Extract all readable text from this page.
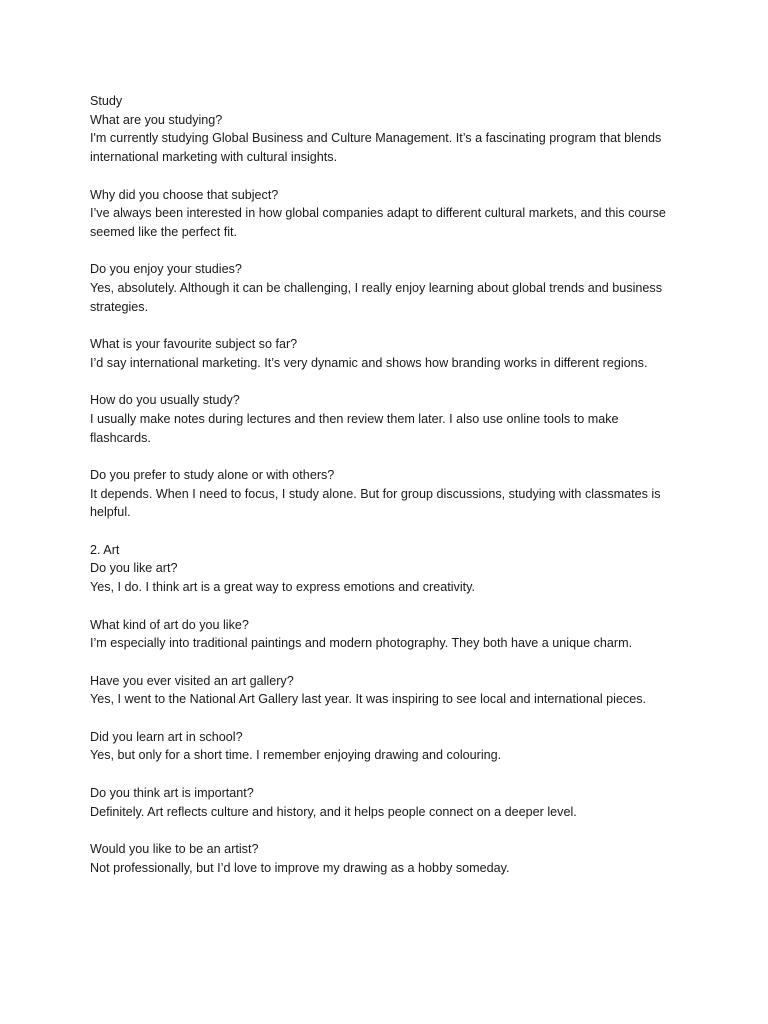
Study
What are you studying?
I'm currently studying Global Business and Culture Management. It’s a fascinating program that blends
international marketing with cultural insights.
Why did you choose that subject?
I’ve always been interested in how global companies adapt to different cultural markets, and this course
seemed like the perfect fit.
Do you enjoy your studies?
Yes, absolutely. Although it can be challenging, I really enjoy learning about global trends and business
strategies.
What is your favourite subject so far?
I’d say international marketing. It’s very dynamic and shows how branding works in different regions.
How do you usually study?
I usually make notes during lectures and then review them later. I also use online tools to make
flashcards.
Do you prefer to study alone or with others?
It depends. When I need to focus, I study alone. But for group discussions, studying with classmates is
helpful.
2. Art
Do you like art?
Yes, I do. I think art is a great way to express emotions and creativity.
What kind of art do you like?
I’m especially into traditional paintings and modern photography. They both have a unique charm.
Have you ever visited an art gallery?
Yes, I went to the National Art Gallery last year. It was inspiring to see local and international pieces.
Did you learn art in school?
Yes, but only for a short time. I remember enjoying drawing and colouring.
Do you think art is important?
Definitely. Art reflects culture and history, and it helps people connect on a deeper level.
Would you like to be an artist?
Not professionally, but I’d love to improve my drawing as a hobby someday.
